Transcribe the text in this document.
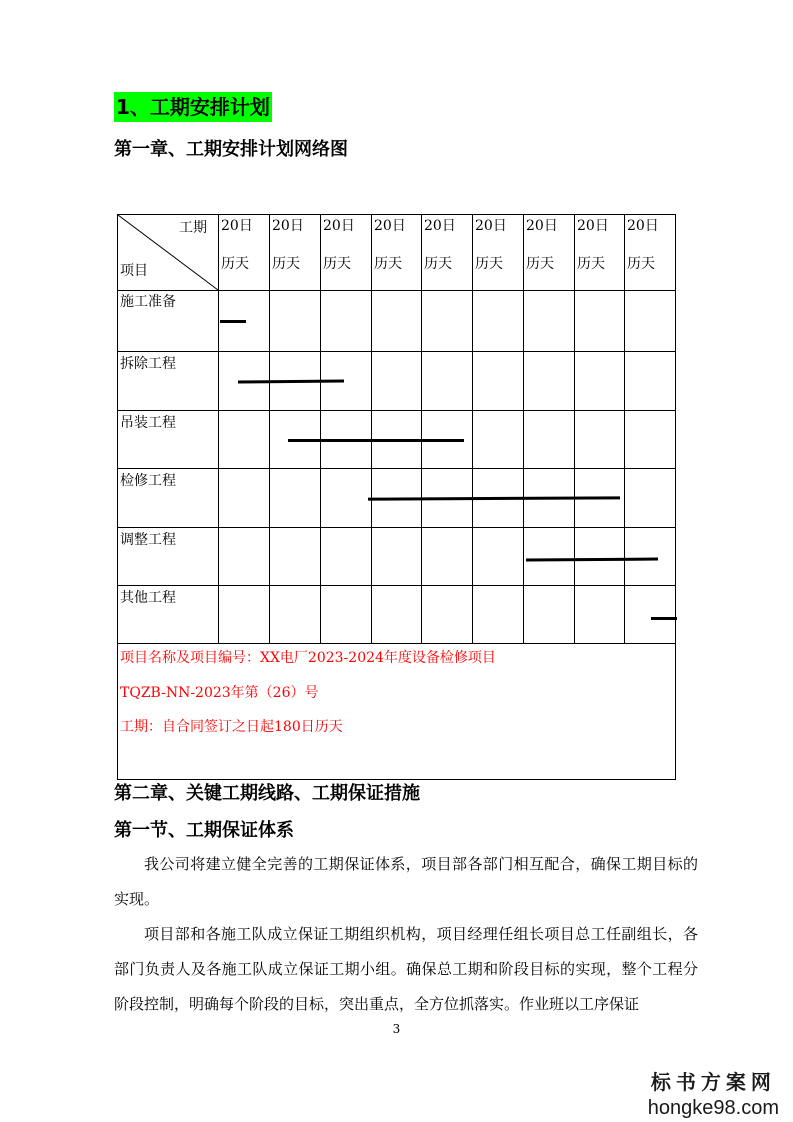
1、工期安排计划
第一章、工期安排计划网络图
工期
项目
20日
历天
20日
历天
20日
历天
20日
历天
20日
历天
20日
历天
20日
历天
20日
历天
20日
历天
施工准备
拆除工程
吊装工程
检修工程
调整工程
其他工程
项目名称及项目编号：XX电厂2023-2024年度设备检修项目
TQZB-NN-2023年第（26）号
工期：自合同签订之日起180日历天
第二章、关键工期线路、工期保证措施
第一节、工期保证体系

我公司将建立健全完善的工期保证体系，项目部各部门相互配合，确保工期目标的实现。

项目部和各施工队成立保证工期组织机构，项目经理任组长项目总工任副组长，各部门负责人及各施工队成立保证工期小组。确保总工期和阶段目标的实现，整个工程分阶段控制，明确每个阶段的目标，突出重点，全方位抓落实。作业班以工序保证

3
标书方案网
hongke98.com
